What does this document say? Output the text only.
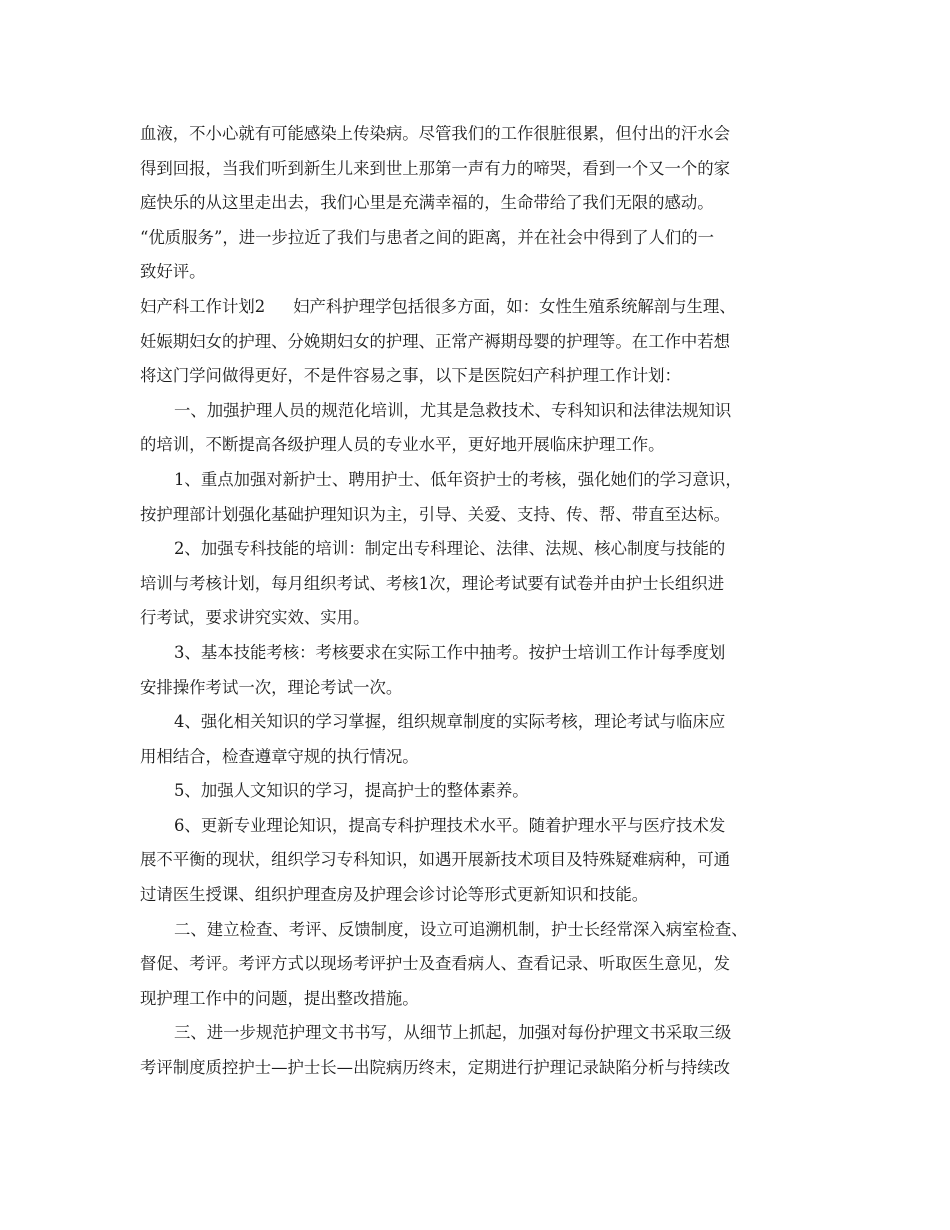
血液，不小心就有可能感染上传染病。尽管我们的工作很脏很累，但付出的汗水会
得到回报，当我们听到新生儿来到世上那第一声有力的啼哭，看到一个又一个的家
庭快乐的从这里走出去，我们心里是充满幸福的，生命带给了我们无限的感动。
“优质服务”，进一步拉近了我们与患者之间的距离，并在社会中得到了人们的一
致好评。
妇产科工作计划2 妇产科护理学包括很多方面，如：女性生殖系统解剖与生理、
妊娠期妇女的护理、分娩期妇女的护理、正常产褥期母婴的护理等。在工作中若想
将这门学问做得更好，不是件容易之事，以下是医院妇产科护理工作计划：
一、加强护理人员的规范化培训，尤其是急救技术、专科知识和法律法规知识
的培训，不断提高各级护理人员的专业水平，更好地开展临床护理工作。
1、重点加强对新护士、聘用护士、低年资护士的考核，强化她们的学习意识，
按护理部计划强化基础护理知识为主，引导、关爱、支持、传、帮、带直至达标。
2、加强专科技能的培训：制定出专科理论、法律、法规、核心制度与技能的
培训与考核计划，每月组织考试、考核1次，理论考试要有试卷并由护士长组织进
行考试，要求讲究实效、实用。
3、基本技能考核：考核要求在实际工作中抽考。按护士培训工作计每季度划
安排操作考试一次，理论考试一次。
4、强化相关知识的学习掌握，组织规章制度的实际考核，理论考试与临床应
用相结合，检查遵章守规的执行情况。
5、加强人文知识的学习，提高护士的整体素养。
6、更新专业理论知识，提高专科护理技术水平。随着护理水平与医疗技术发
展不平衡的现状，组织学习专科知识，如遇开展新技术项目及特殊疑难病种，可通
过请医生授课、组织护理查房及护理会诊讨论等形式更新知识和技能。
二、建立检查、考评、反馈制度，设立可追溯机制，护士长经常深入病室检查、
督促、考评。考评方式以现场考评护士及查看病人、查看记录、听取医生意见，发
现护理工作中的问题，提出整改措施。
三、进一步规范护理文书书写，从细节上抓起，加强对每份护理文书采取三级
考评制度质控护士—护士长—出院病历终末，定期进行护理记录缺陷分析与持续改
